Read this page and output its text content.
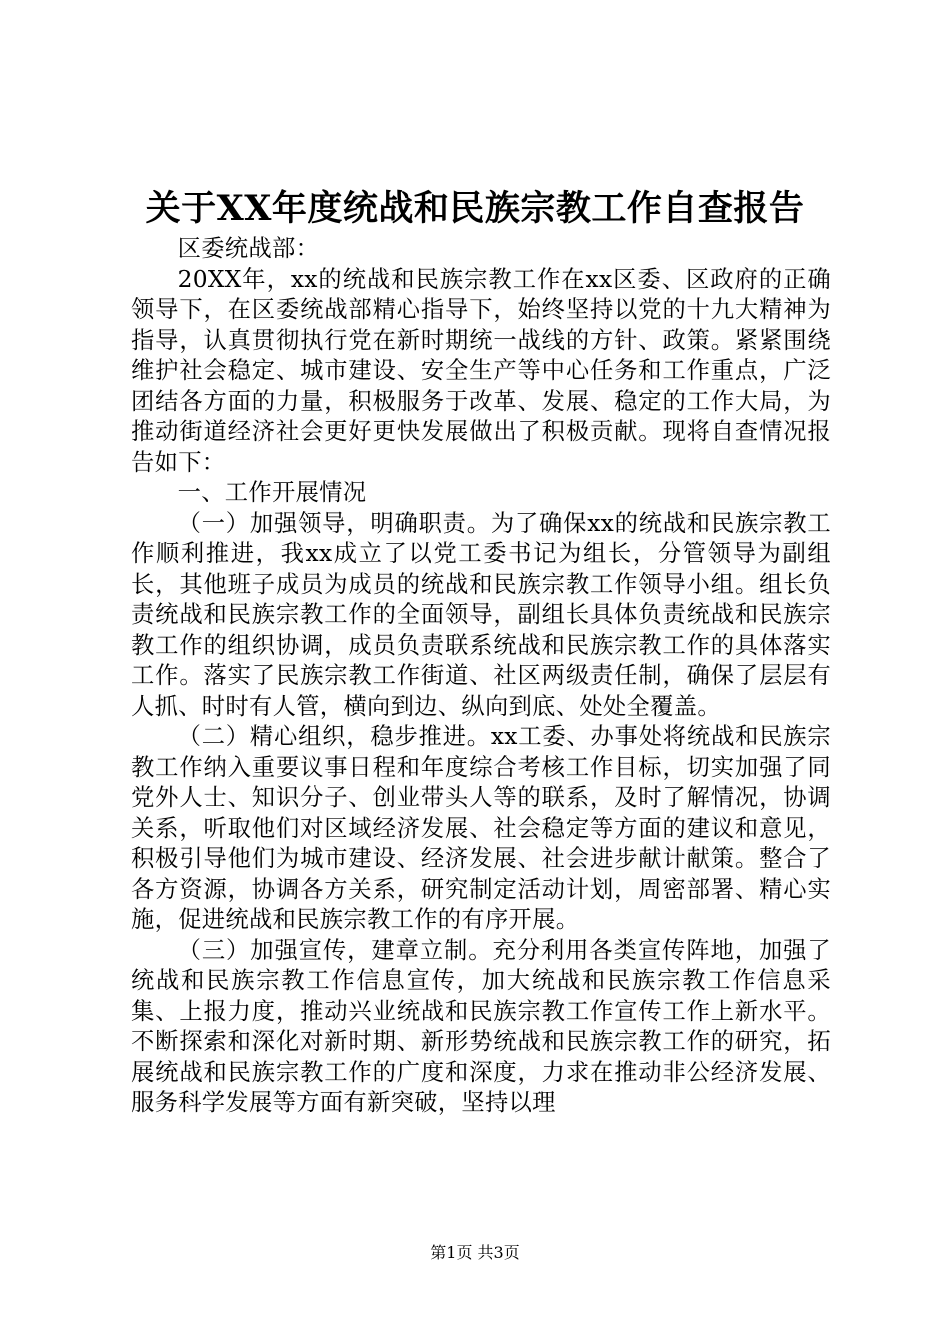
关于XX年度统战和民族宗教工作自查报告

区委统战部：

20XX年，xx的统战和民族宗教工作在xx区委、区政府的正确领导下，在区委统战部精心指导下，始终坚持以党的十九大精神为指导，认真贯彻执行党在新时期统一战线的方针、政策。紧紧围绕维护社会稳定、城市建设、安全生产等中心任务和工作重点，广泛团结各方面的力量，积极服务于改革、发展、稳定的工作大局，为推动街道经济社会更好更快发展做出了积极贡献。现将自查情况报告如下：

一、工作开展情况

（一）加强领导，明确职责。为了确保xx的统战和民族宗教工作顺利推进，我xx成立了以党工委书记为组长，分管领导为副组长，其他班子成员为成员的统战和民族宗教工作领导小组。组长负责统战和民族宗教工作的全面领导，副组长具体负责统战和民族宗教工作的组织协调，成员负责联系统战和民族宗教工作的具体落实工作。落实了民族宗教工作街道、社区两级责任制，确保了层层有人抓、时时有人管，横向到边、纵向到底、处处全覆盖。

（二）精心组织，稳步推进。xx工委、办事处将统战和民族宗教工作纳入重要议事日程和年度综合考核工作目标，切实加强了同党外人士、知识分子、创业带头人等的联系，及时了解情况，协调关系，听取他们对区域经济发展、社会稳定等方面的建议和意见，积极引导他们为城市建设、经济发展、社会进步献计献策。整合了各方资源，协调各方关系，研究制定活动计划，周密部署、精心实施，促进统战和民族宗教工作的有序开展。

（三）加强宣传，建章立制。充分利用各类宣传阵地，加强了统战和民族宗教工作信息宣传，加大统战和民族宗教工作信息采集、上报力度，推动兴业统战和民族宗教工作宣传工作上新水平。不断探索和深化对新时期、新形势统战和民族宗教工作的研究，拓展统战和民族宗教工作的广度和深度，力求在推动非公经济发展、服务科学发展等方面有新突破，坚持以理

第1页 共3页
